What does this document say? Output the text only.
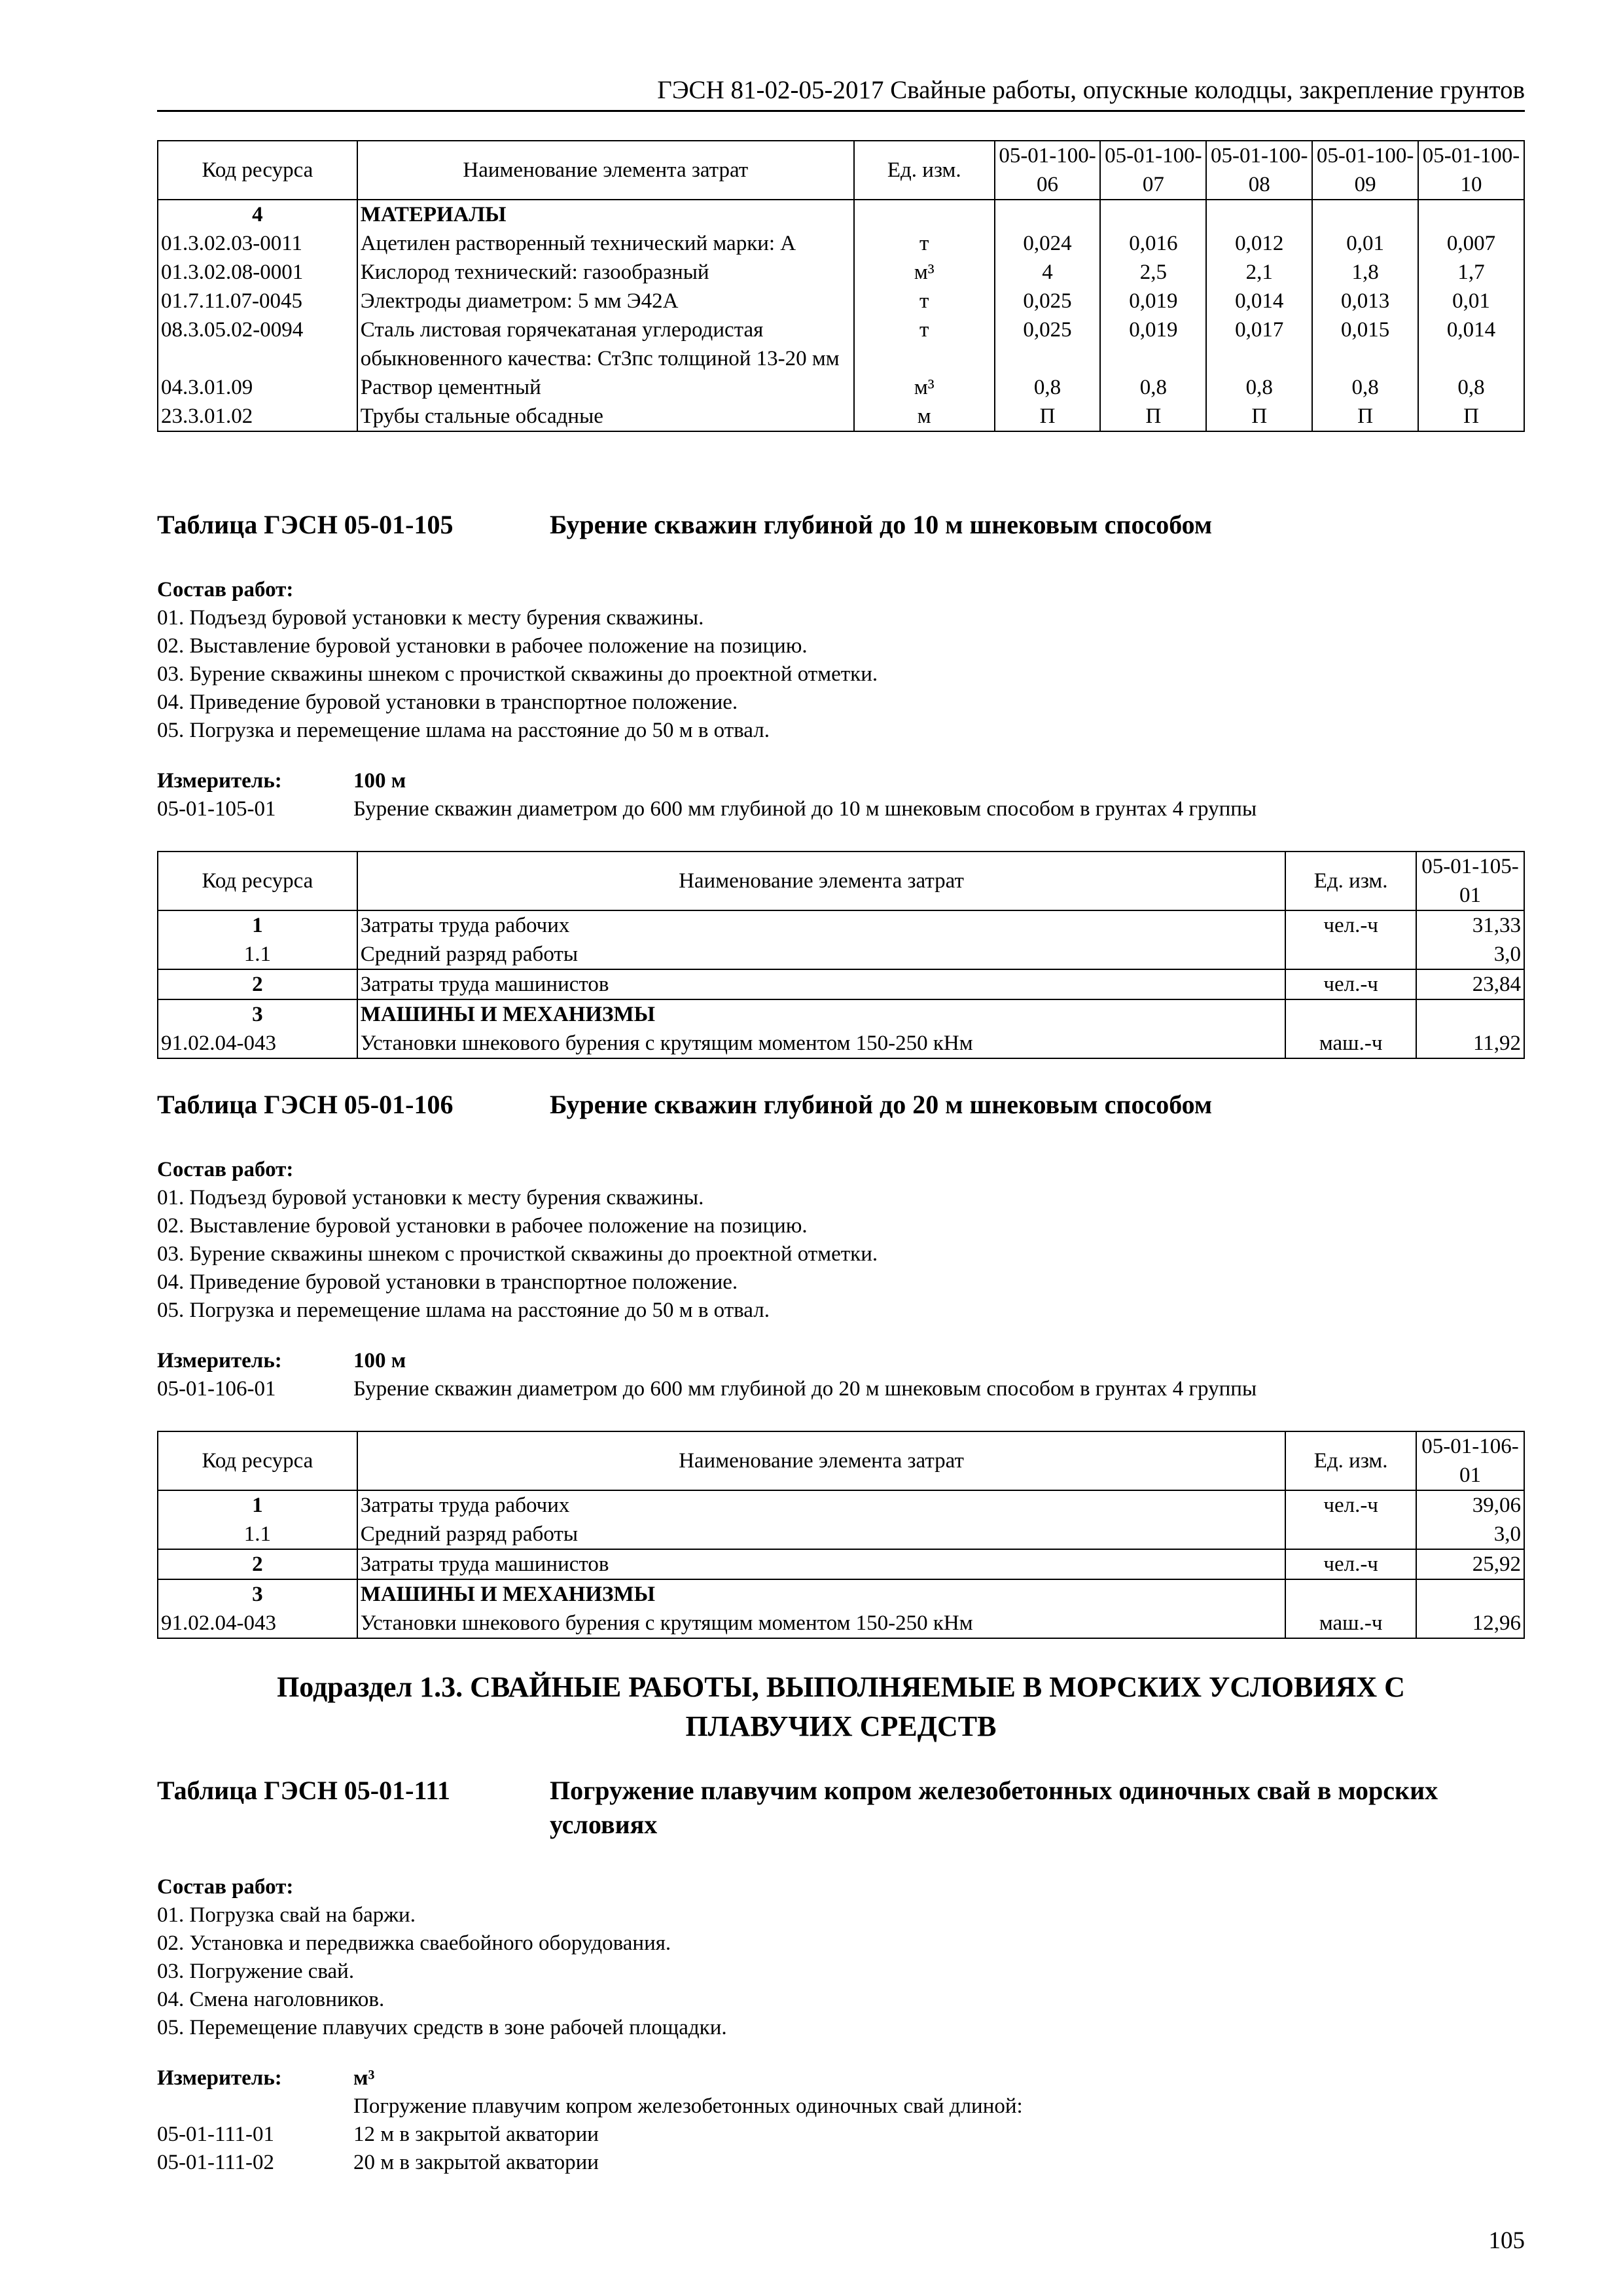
ГЭСН 81-02-05-2017 Свайные работы, опускные колодцы, закрепление грунтов
Код ресурса	Наименование элемента затрат	Ед. изм.	05-01-100-06	05-01-100-07	05-01-100-08	05-01-100-09	05-01-100-10
4	МАТЕРИАЛЫ						
01.3.02.03-0011	Ацетилен растворенный технический марки: А	т	0,024	0,016	0,012	0,01	0,007
01.3.02.08-0001	Кислород технический: газообразный	м³	4	2,5	2,1	1,8	1,7
01.7.11.07-0045	Электроды диаметром: 5 мм Э42А	т	0,025	0,019	0,014	0,013	0,01
08.3.05.02-0094	Сталь листовая горячекатаная углеродистая обыкновенного качества: Ст3пс толщиной 13-20 мм	т	0,025	0,019	0,017	0,015	0,014
04.3.01.09	Раствор цементный	м³	0,8	0,8	0,8	0,8	0,8
23.3.01.02	Трубы стальные обсадные	м	П	П	П	П	П
Таблица ГЭСН 05-01-105	Бурение скважин глубиной до 10 м шнековым способом
Состав работ:
01. Подъезд буровой установки к месту бурения скважины.
02. Выставление буровой установки в рабочее положение на позицию.
03. Бурение скважины шнеком с прочисткой скважины до проектной отметки.
04. Приведение буровой установки в транспортное положение.
05. Погрузка и перемещение шлама на расстояние до 50 м в отвал.
Измеритель:	100 м
05-01-105-01	Бурение скважин диаметром до 600 мм глубиной до 10 м шнековым способом в грунтах 4 группы
Код ресурса	Наименование элемента затрат	Ед. изм.	05-01-105-01
1	Затраты труда рабочих	чел.-ч	31,33
1.1	Средний разряд работы		3,0
2	Затраты труда машинистов	чел.-ч	23,84
3	МАШИНЫ И МЕХАНИЗМЫ		
91.02.04-043	Установки шнекового бурения с крутящим моментом 150-250 кНм	маш.-ч	11,92
Таблица ГЭСН 05-01-106	Бурение скважин глубиной до 20 м шнековым способом
Состав работ:
01. Подъезд буровой установки к месту бурения скважины.
02. Выставление буровой установки в рабочее положение на позицию.
03. Бурение скважины шнеком с прочисткой скважины до проектной отметки.
04. Приведение буровой установки в транспортное положение.
05. Погрузка и перемещение шлама на расстояние до 50 м в отвал.
Измеритель:	100 м
05-01-106-01	Бурение скважин диаметром до 600 мм глубиной до 20 м шнековым способом в грунтах 4 группы
Код ресурса	Наименование элемента затрат	Ед. изм.	05-01-106-01
1	Затраты труда рабочих	чел.-ч	39,06
1.1	Средний разряд работы		3,0
2	Затраты труда машинистов	чел.-ч	25,92
3	МАШИНЫ И МЕХАНИЗМЫ		
91.02.04-043	Установки шнекового бурения с крутящим моментом 150-250 кНм	маш.-ч	12,96
Подраздел 1.3. СВАЙНЫЕ РАБОТЫ, ВЫПОЛНЯЕМЫЕ В МОРСКИХ УСЛОВИЯХ С ПЛАВУЧИХ СРЕДСТВ
Таблица ГЭСН 05-01-111	Погружение плавучим копром железобетонных одиночных свай в морских условиях
Состав работ:
01. Погрузка свай на баржи.
02. Установка и передвижка сваебойного оборудования.
03. Погружение свай.
04. Смена наголовников.
05. Перемещение плавучих средств в зоне рабочей площадки.
Измеритель:	м³
Погружение плавучим копром железобетонных одиночных свай длиной:
05-01-111-01	12 м в закрытой акватории
05-01-111-02	20 м в закрытой акватории
105
